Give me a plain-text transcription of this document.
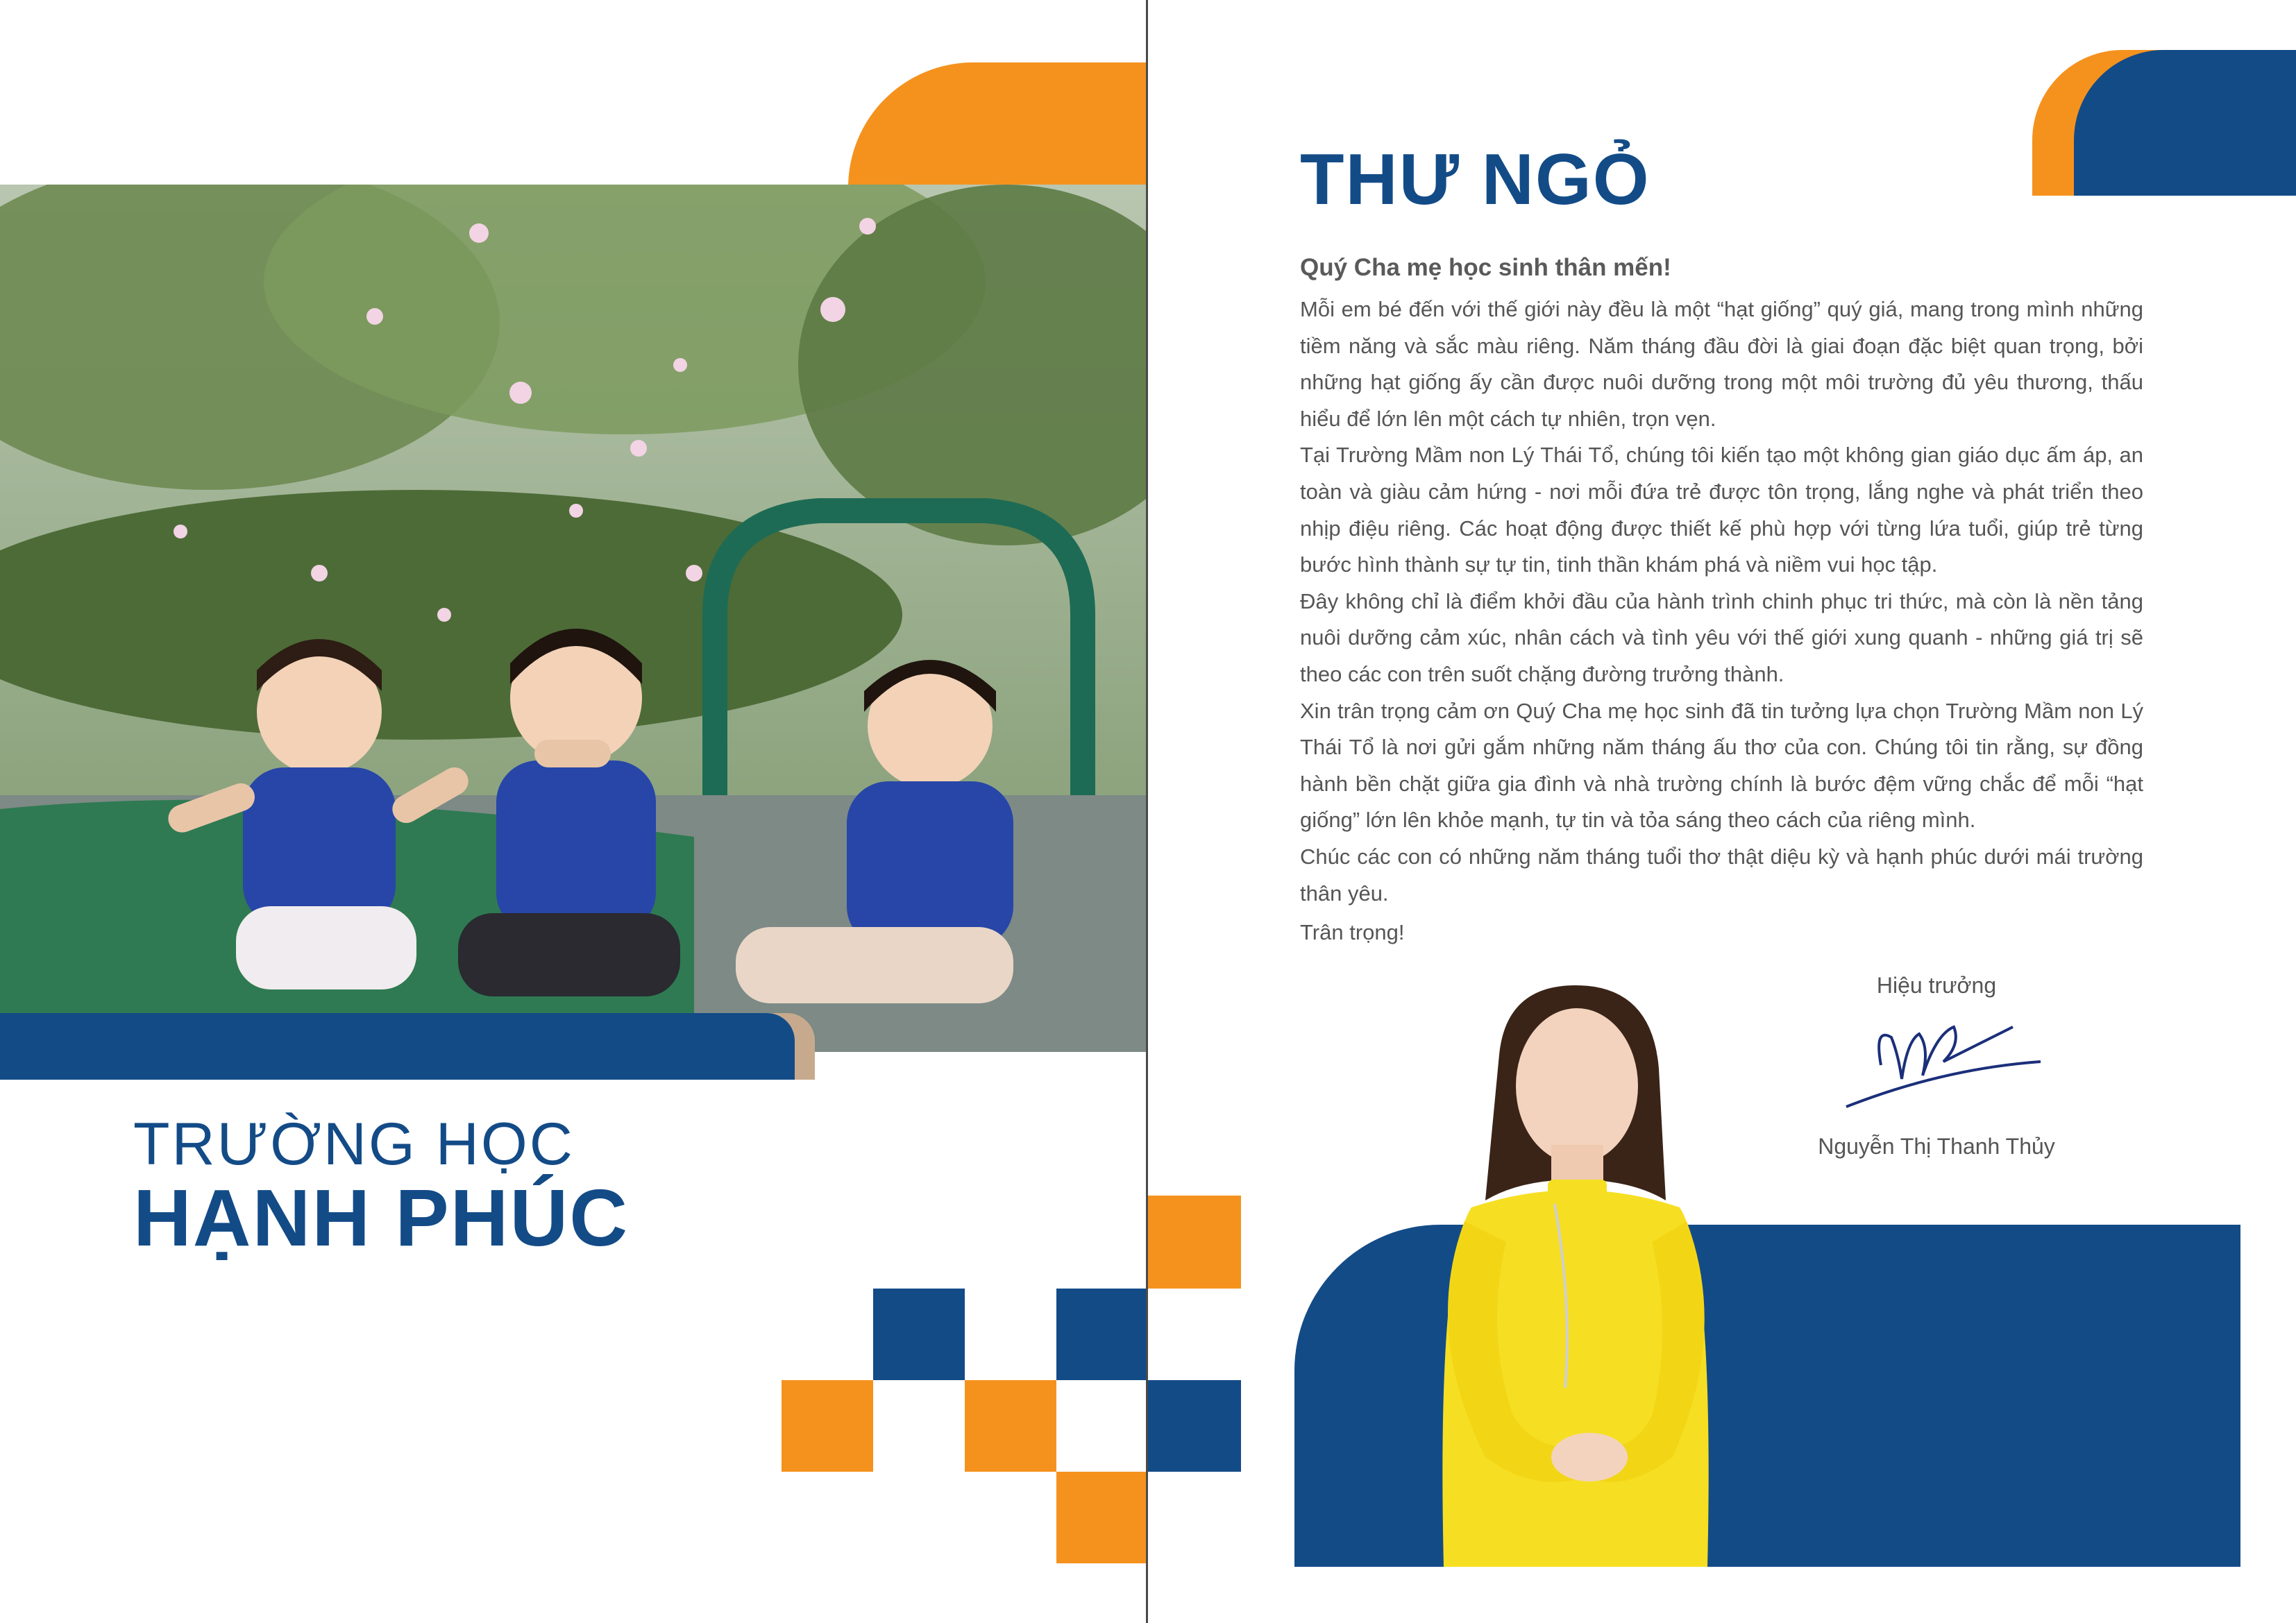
TRƯỜNG HỌC
HẠNH PHÚC
THƯ NGỎ
Quý Cha mẹ học sinh thân mến!

Mỗi em bé đến với thế giới này đều là một “hạt giống” quý giá, mang trong mình những tiềm năng và sắc màu riêng. Năm tháng đầu đời là giai đoạn đặc biệt quan trọng, bởi những hạt giống ấy cần được nuôi dưỡng trong một môi trường đủ yêu thương, thấu hiểu để lớn lên một cách tự nhiên, trọn vẹn.

Tại Trường Mầm non Lý Thái Tổ, chúng tôi kiến tạo một không gian giáo dục ấm áp, an toàn và giàu cảm hứng - nơi mỗi đứa trẻ được tôn trọng, lắng nghe và phát triển theo nhịp điệu riêng. Các hoạt động được thiết kế phù hợp với từng lứa tuổi, giúp trẻ từng bước hình thành sự tự tin, tinh thần khám phá và niềm vui học tập.

Đây không chỉ là điểm khởi đầu của hành trình chinh phục tri thức, mà còn là nền tảng nuôi dưỡng cảm xúc, nhân cách và tình yêu với thế giới xung quanh - những giá trị sẽ theo các con trên suốt chặng đường trưởng thành.

Xin trân trọng cảm ơn Quý Cha mẹ học sinh đã tin tưởng lựa chọn Trường Mầm non Lý Thái Tổ là nơi gửi gắm những năm tháng ấu thơ của con. Chúng tôi tin rằng, sự đồng hành bền chặt giữa gia đình và nhà trường chính là bước đệm vững chắc để mỗi “hạt giống” lớn lên khỏe mạnh, tự tin và tỏa sáng theo cách của riêng mình.

Chúc các con có những năm tháng tuổi thơ thật diệu kỳ và hạnh phúc dưới mái trường thân yêu.

Trân trọng!

Hiệu trưởng
Nguyễn Thị Thanh Thủy
